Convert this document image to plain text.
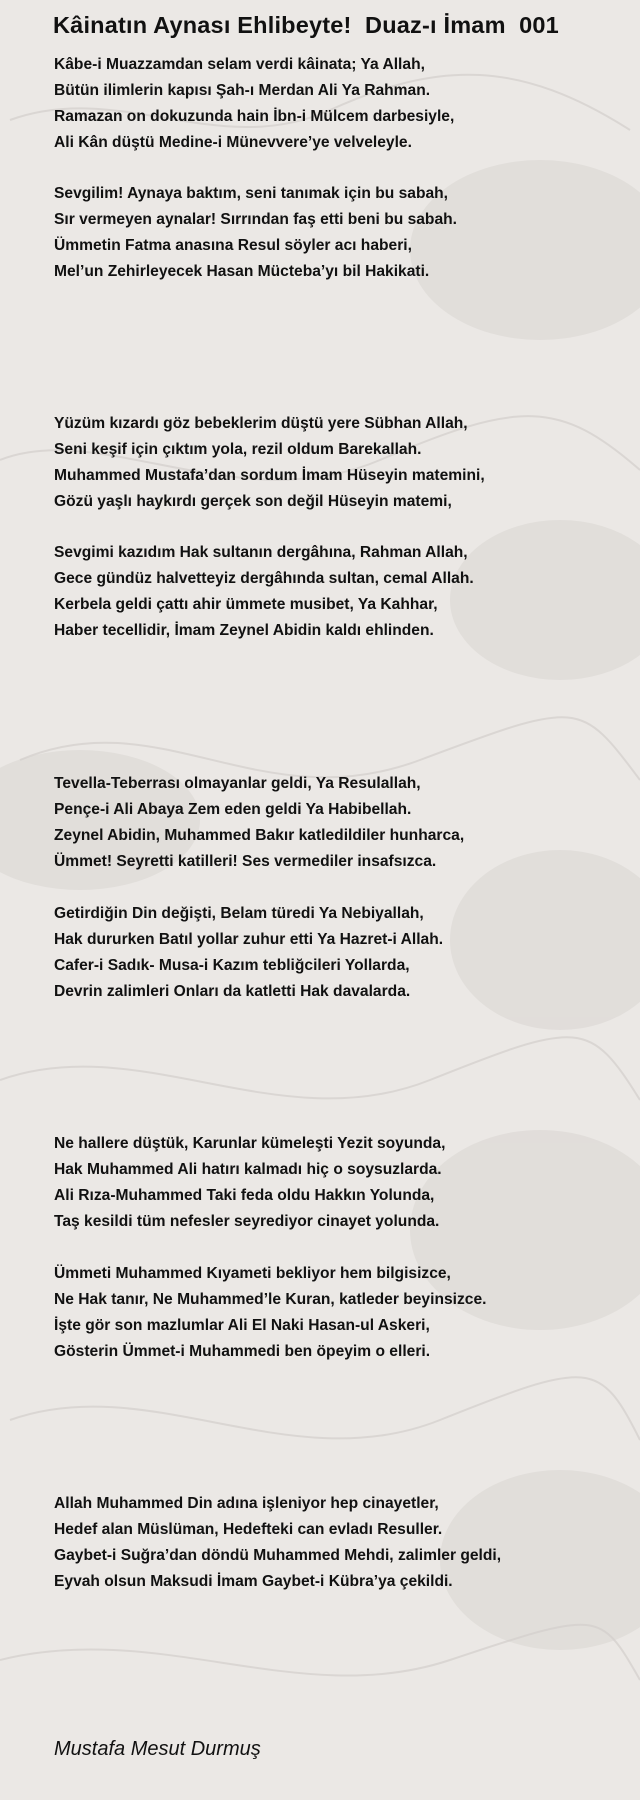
Kâinatın Aynası Ehlibeyte!  Duaz-ı İmam  001
Kâbe-i Muazzamdan selam verdi kâinata; Ya Allah,
Bütün ilimlerin kapısı Şah-ı Merdan Ali Ya Rahman.
Ramazan on dokuzunda hain İbn-i Mülcem darbesiyle,
Ali Kân düştü Medine-i Münevvere’ye velveleyle.
Sevgilim! Aynaya baktım, seni tanımak için bu sabah,
Sır vermeyen aynalar! Sırrından faş etti beni bu sabah.
Ümmetin Fatma anasına Resul söyler acı haberi,
Mel’un Zehirleyecek Hasan Mücteba’yı bil Hakikati.
Yüzüm kızardı göz bebeklerim düştü yere Sübhan Allah,
Seni keşif için çıktım yola, rezil oldum Barekallah.
Muhammed Mustafa’dan sordum İmam Hüseyin matemini,
Gözü yaşlı haykırdı gerçek son değil Hüseyin matemi,
Sevgimi kazıdım Hak sultanın dergâhına, Rahman Allah,
Gece gündüz halvetteyiz dergâhında sultan, cemal Allah.
Kerbela geldi çattı ahir ümmete musibet, Ya Kahhar,
Haber tecellidir, İmam Zeynel Abidin kaldı ehlinden.
Tevella-Teberrası olmayanlar geldi, Ya Resulallah,
Pençe-i Ali Abaya Zem eden geldi Ya Habibellah.
Zeynel Abidin, Muhammed Bakır katledildiler hunharca,
Ümmet! Seyretti katilleri! Ses vermediler insafsızca.
Getirdiğin Din değişti, Belam türedi Ya Nebiyallah,
Hak dururken Batıl yollar zuhur etti Ya Hazret-i Allah.
Cafer-i Sadık- Musa-i Kazım tebliğcileri Yollarda,
Devrin zalimleri Onları da katletti Hak davalarda.
Ne hallere düştük, Karunlar kümeleşti Yezit soyunda,
Hak Muhammed Ali hatırı kalmadı hiç o soysuzlarda.
Ali Rıza-Muhammed Taki feda oldu Hakkın Yolunda,
Taş kesildi tüm nefesler seyrediyor cinayet yolunda.
Ümmeti Muhammed Kıyameti bekliyor hem bilgisizce,
Ne Hak tanır, Ne Muhammed’le Kuran, katleder beyinsizce.
İşte gör son mazlumlar Ali El Naki Hasan-ul Askeri,
Gösterin Ümmet-i Muhammedi ben öpeyim o elleri.
Allah Muhammed Din adına işleniyor hep cinayetler,
Hedef alan Müslüman, Hedefteki can evladı Resuller.
Gaybet-i Suğra’dan döndü Muhammed Mehdi, zalimler geldi,
Eyvah olsun Maksudi İmam Gaybet-i Kübra’ya çekildi.
Mustafa Mesut Durmuş
